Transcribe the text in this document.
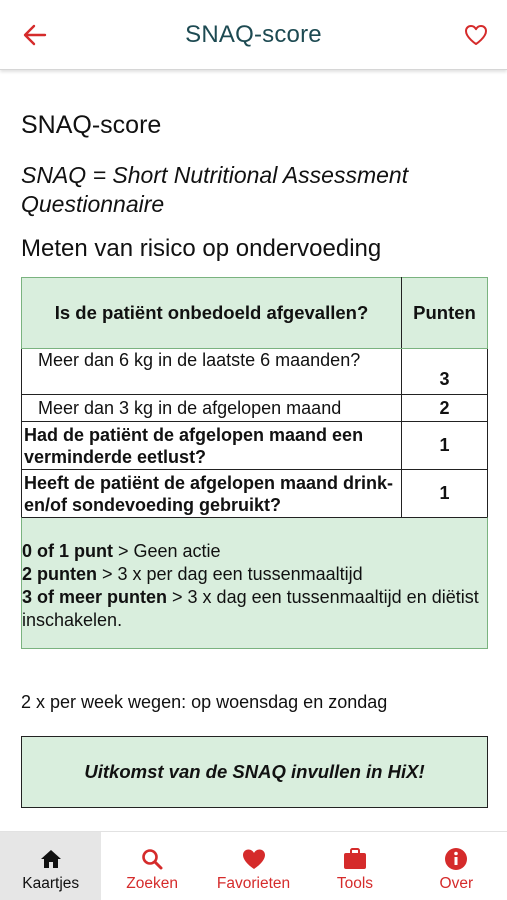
SNAQ-score
SNAQ-score
SNAQ = Short Nutritional Assessment Questionnaire
Meten van risico op ondervoeding
Is de patiënt onbedoeld afgevallen?	Punten
Meer dan 6 kg in de laatste 6 maanden?	3
Meer dan 3 kg in de afgelopen maand	2
Had de patiënt de afgelopen maand een verminderde eetlust?	1
Heeft de patiënt de afgelopen maand drink- en/of sondevoeding gebruikt?	1
0 of 1 punt > Geen actie
2 punten > 3 x per dag een tussenmaaltijd
3 of meer punten > 3 x dag een tussenmaaltijd en diëtist inschakelen.
2 x per week wegen: op woensdag en zondag
Uitkomst van de SNAQ invullen in HiX!
Kaartjes	Zoeken	Favorieten	Tools	Over
